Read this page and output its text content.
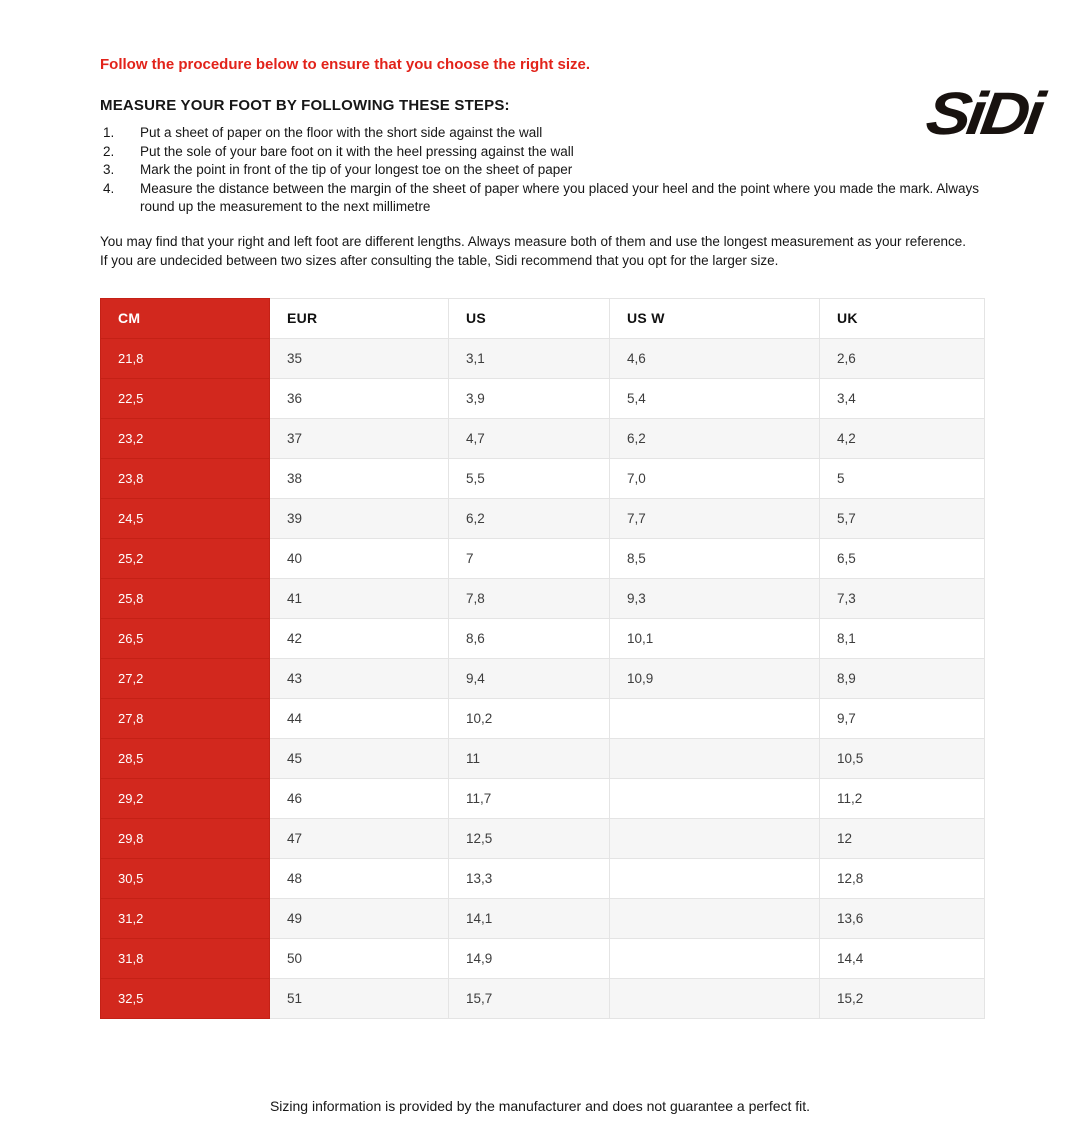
SiDi

Follow the procedure below to ensure that you choose the right size.

MEASURE YOUR FOOT BY FOLLOWING THESE STEPS:

1.	Put a sheet of paper on the floor with the short side against the wall
2.	Put the sole of your bare foot on it with the heel pressing against the wall
3.	Mark the point in front of the tip of your longest toe on the sheet of paper
4.	Measure the distance between the margin of the sheet of paper where you placed your heel and the point where you made the mark. Always round up the measurement to the next millimetre

You may find that your right and left foot are different lengths. Always measure both of them and use the longest measurement as your reference.

If you are undecided between two sizes after consulting the table, Sidi recommend that you opt for the larger size.

CM	EUR	US	US W	UK
21,8	35	3,1	4,6	2,6
22,5	36	3,9	5,4	3,4
23,2	37	4,7	6,2	4,2
23,8	38	5,5	7,0	5
24,5	39	6,2	7,7	5,7
25,2	40	7	8,5	6,5
25,8	41	7,8	9,3	7,3
26,5	42	8,6	10,1	8,1
27,2	43	9,4	10,9	8,9
27,8	44	10,2		9,7
28,5	45	11		10,5
29,2	46	11,7		11,2
29,8	47	12,5		12
30,5	48	13,3		12,8
31,2	49	14,1		13,6
31,8	50	14,9		14,4
32,5	51	15,7		15,2
Sizing information is provided by the manufacturer and does not guarantee a perfect fit.
